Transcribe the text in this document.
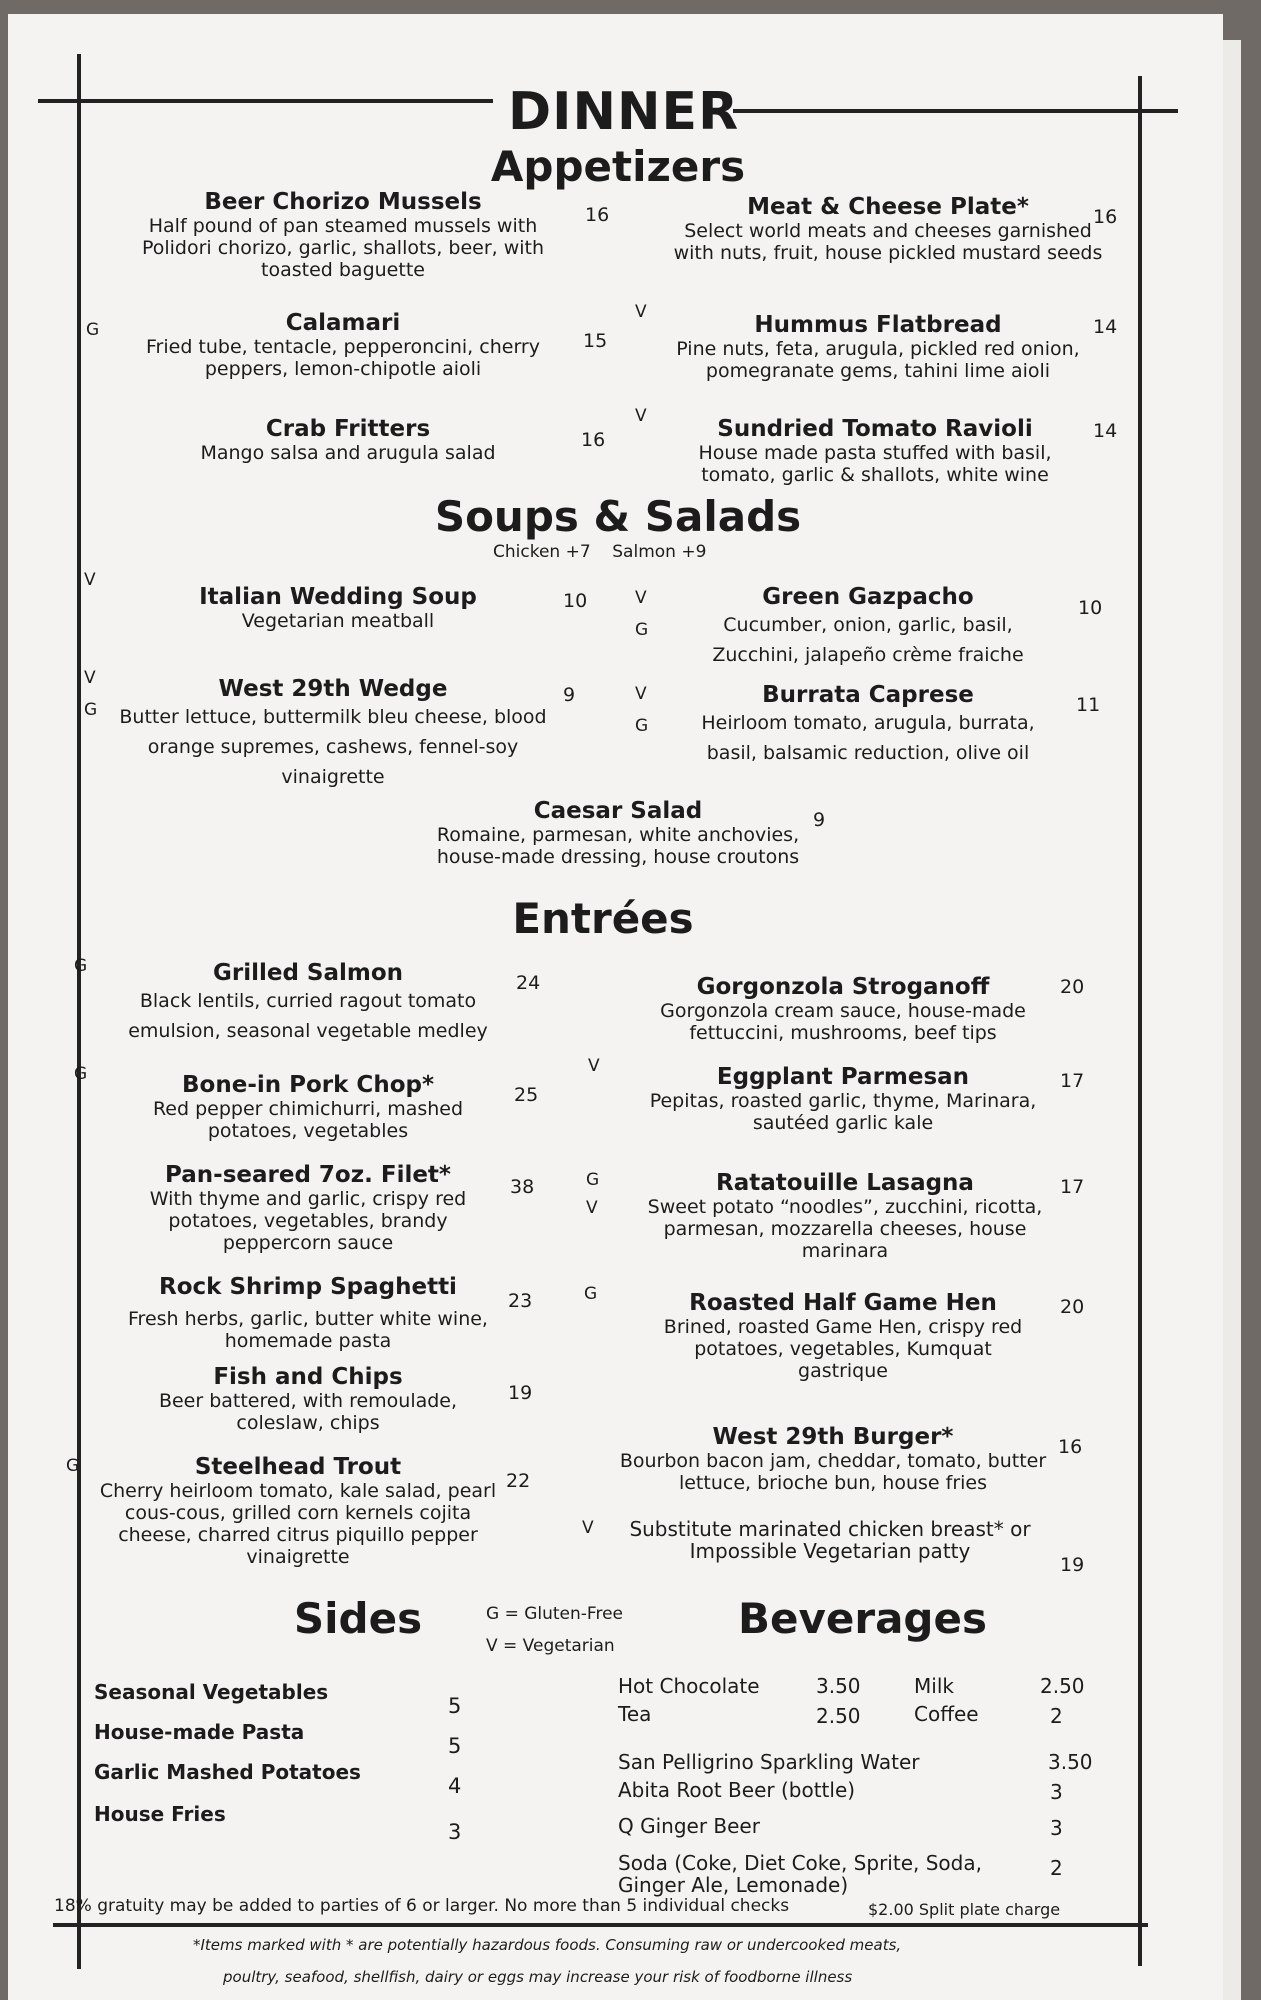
DINNER
Appetizers
Beer Chorizo Mussels
Half pound of pan steamed mussels with Polidori chorizo, garlic, shallots, beer, with toasted baguette
16	Meat & Cheese Plate*
Select world meats and cheeses garnished with nuts, fruit, house pickled mustard seeds
16
G	Calamari
Fried tube, tentacle, pepperoncini, cherry peppers, lemon-chipotle aioli
15
V	Hummus Flatbread
Pine nuts, feta, arugula, pickled red onion, pomegranate gems, tahini lime aioli
14
Crab Fritters
Mango salsa and arugula salad
16
V	Sundried Tomato Ravioli
House made pasta stuffed with basil, tomato, garlic & shallots, white wine
14
Soups & Salads
Chicken +7    Salmon +9
V
Italian Wedding Soup
Vegetarian meatball
10	V G
Green Gazpacho
Cucumber, onion, garlic, basil, Zucchini, jalapeño crème fraiche
10
V G
West 29th Wedge
Butter lettuce, buttermilk bleu cheese, blood orange supremes, cashews, fennel-soy vinaigrette
9	V G
Burrata Caprese
Heirloom tomato, arugula, burrata, basil, balsamic reduction, olive oil
11
Caesar Salad
Romaine, parmesan, white anchovies, house-made dressing, house croutons
9
Entrées
G	Grilled Salmon
Black lentils, curried ragout tomato emulsion, seasonal vegetable medley
24	Gorgonzola Stroganoff
Gorgonzola cream sauce, house-made fettuccini, mushrooms, beef tips
20
G	Bone-in Pork Chop*
Red pepper chimichurri, mashed potatoes, vegetables
25
V	Eggplant Parmesan
Pepitas, roasted garlic, thyme, Marinara, sautéed garlic kale
17
Pan-seared 7oz. Filet*
With thyme and garlic, crispy red potatoes, vegetables, brandy peppercorn sauce
38	G V
Ratatouille Lasagna
Sweet potato “noodles”, zucchini, ricotta, parmesan, mozzarella cheeses, house marinara
17
Rock Shrimp Spaghetti
Fresh herbs, garlic, butter white wine, homemade pasta
23	G	Roasted Half Game Hen
Brined, roasted Game Hen, crispy red potatoes, vegetables, Kumquat gastrique
20
Fish and Chips
Beer battered, with remoulade, coleslaw, chips
19
West 29th Burger*
Bourbon bacon jam, cheddar, tomato, butter lettuce, brioche bun, house fries
16
V	Substitute marinated chicken breast* or Impossible Vegetarian patty
19
G	Steelhead Trout
Cherry heirloom tomato, kale salad, pearl cous-cous, grilled corn kernels cojita cheese, charred citrus piquillo pepper vinaigrette
22
Sides	G = Gluten-Free
V = Vegetarian
Beverages
Seasonal Vegetables
5
House-made Pasta
5
Garlic Mashed Potatoes
4
House Fries
3
Hot Chocolate	3.50	Milk	2.50
Tea	2.50	Coffee	2
San Pelligrino Sparkling Water	3.50
Abita Root Beer (bottle)	3
Q Ginger Beer	3
Soda (Coke, Diet Coke, Sprite, Soda, Ginger Ale, Lemonade)
2
18% gratuity may be added to parties of 6 or larger. No more than 5 individual checks	$2.00 Split plate charge
*Items marked with * are potentially hazardous foods. Consuming raw or undercooked meats,
poultry, seafood, shellfish, dairy or eggs may increase your risk of foodborne illness
